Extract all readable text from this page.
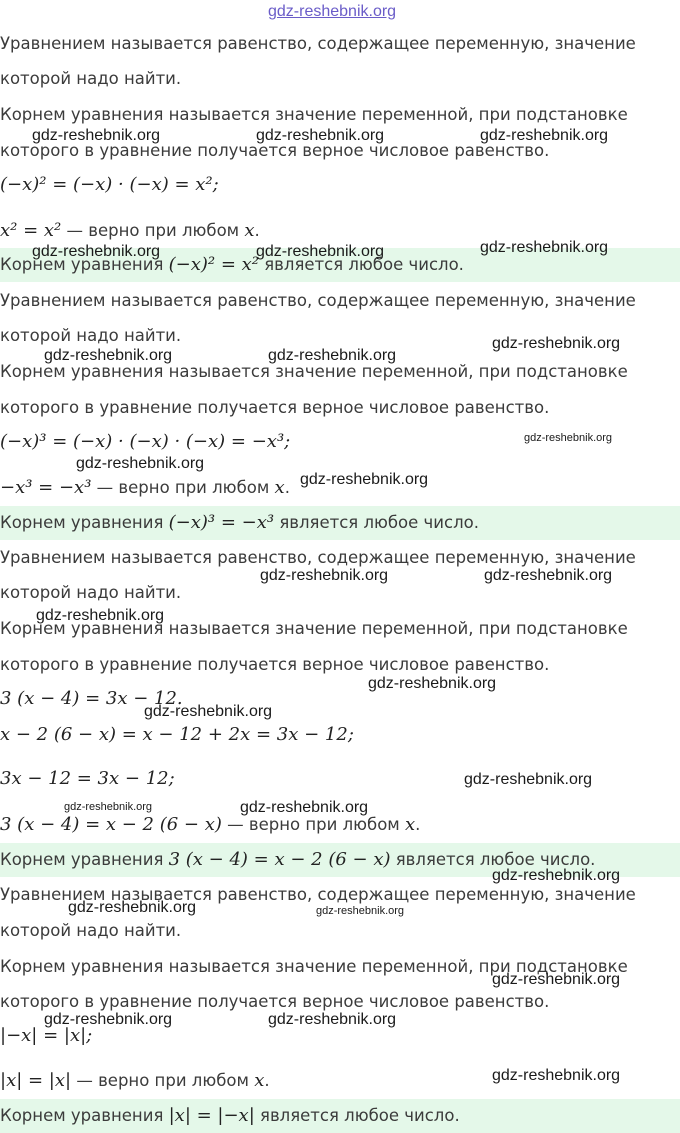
gdz-reshebnik.org
Уравнением называется равенство, содержащее переменную, значение
которой надо найти.
Корнем уравнения называется значение переменной, при подстановке
которого в уравнение получается верное числовое равенство.
(−x)² = (−x) · (−x) = x²;
x² = x² — верно при любом x.
Корнем уравнения (−x)² = x² является любое число.
Уравнением называется равенство, содержащее переменную, значение
которой надо найти.
Корнем уравнения называется значение переменной, при подстановке
которого в уравнение получается верное числовое равенство.
(−x)³ = (−x) · (−x) · (−x) = −x³;
−x³ = −x³ — верно при любом x.
Корнем уравнения (−x)³ = −x³ является любое число.
Уравнением называется равенство, содержащее переменную, значение
которой надо найти.
Корнем уравнения называется значение переменной, при подстановке
которого в уравнение получается верное числовое равенство.
3 (x − 4) = 3x − 12.
x − 2 (6 − x) = x − 12 + 2x = 3x − 12;
3x − 12 = 3x − 12;
3 (x − 4) = x − 2 (6 − x) — верно при любом x.
Корнем уравнения 3 (x − 4) = x − 2 (6 − x) является любое число.
Уравнением называется равенство, содержащее переменную, значение
которой надо найти.
Корнем уравнения называется значение переменной, при подстановке
которого в уравнение получается верное числовое равенство.
|−x| = |x|;
|x| = |x| — верно при любом x.
Корнем уравнения |x| = |−x| является любое число.
gdz-reshebnik.org	gdz-reshebnik.org	gdz-reshebnik.org
gdz-reshebnik.org	gdz-reshebnik.org	gdz-reshebnik.org
gdz-reshebnik.org	gdz-reshebnik.org
gdz-reshebnik.org
gdz-reshebnik.org
gdz-reshebnik.org
gdz-reshebnik.org
gdz-reshebnik.org	gdz-reshebnik.org
gdz-reshebnik.org
gdz-reshebnik.org
gdz-reshebnik.org
gdz-reshebnik.org
gdz-reshebnik.org	gdz-reshebnik.org
gdz-reshebnik.org
gdz-reshebnik.org	gdz-reshebnik.org
gdz-reshebnik.org
gdz-reshebnik.org	gdz-reshebnik.org
gdz-reshebnik.org
